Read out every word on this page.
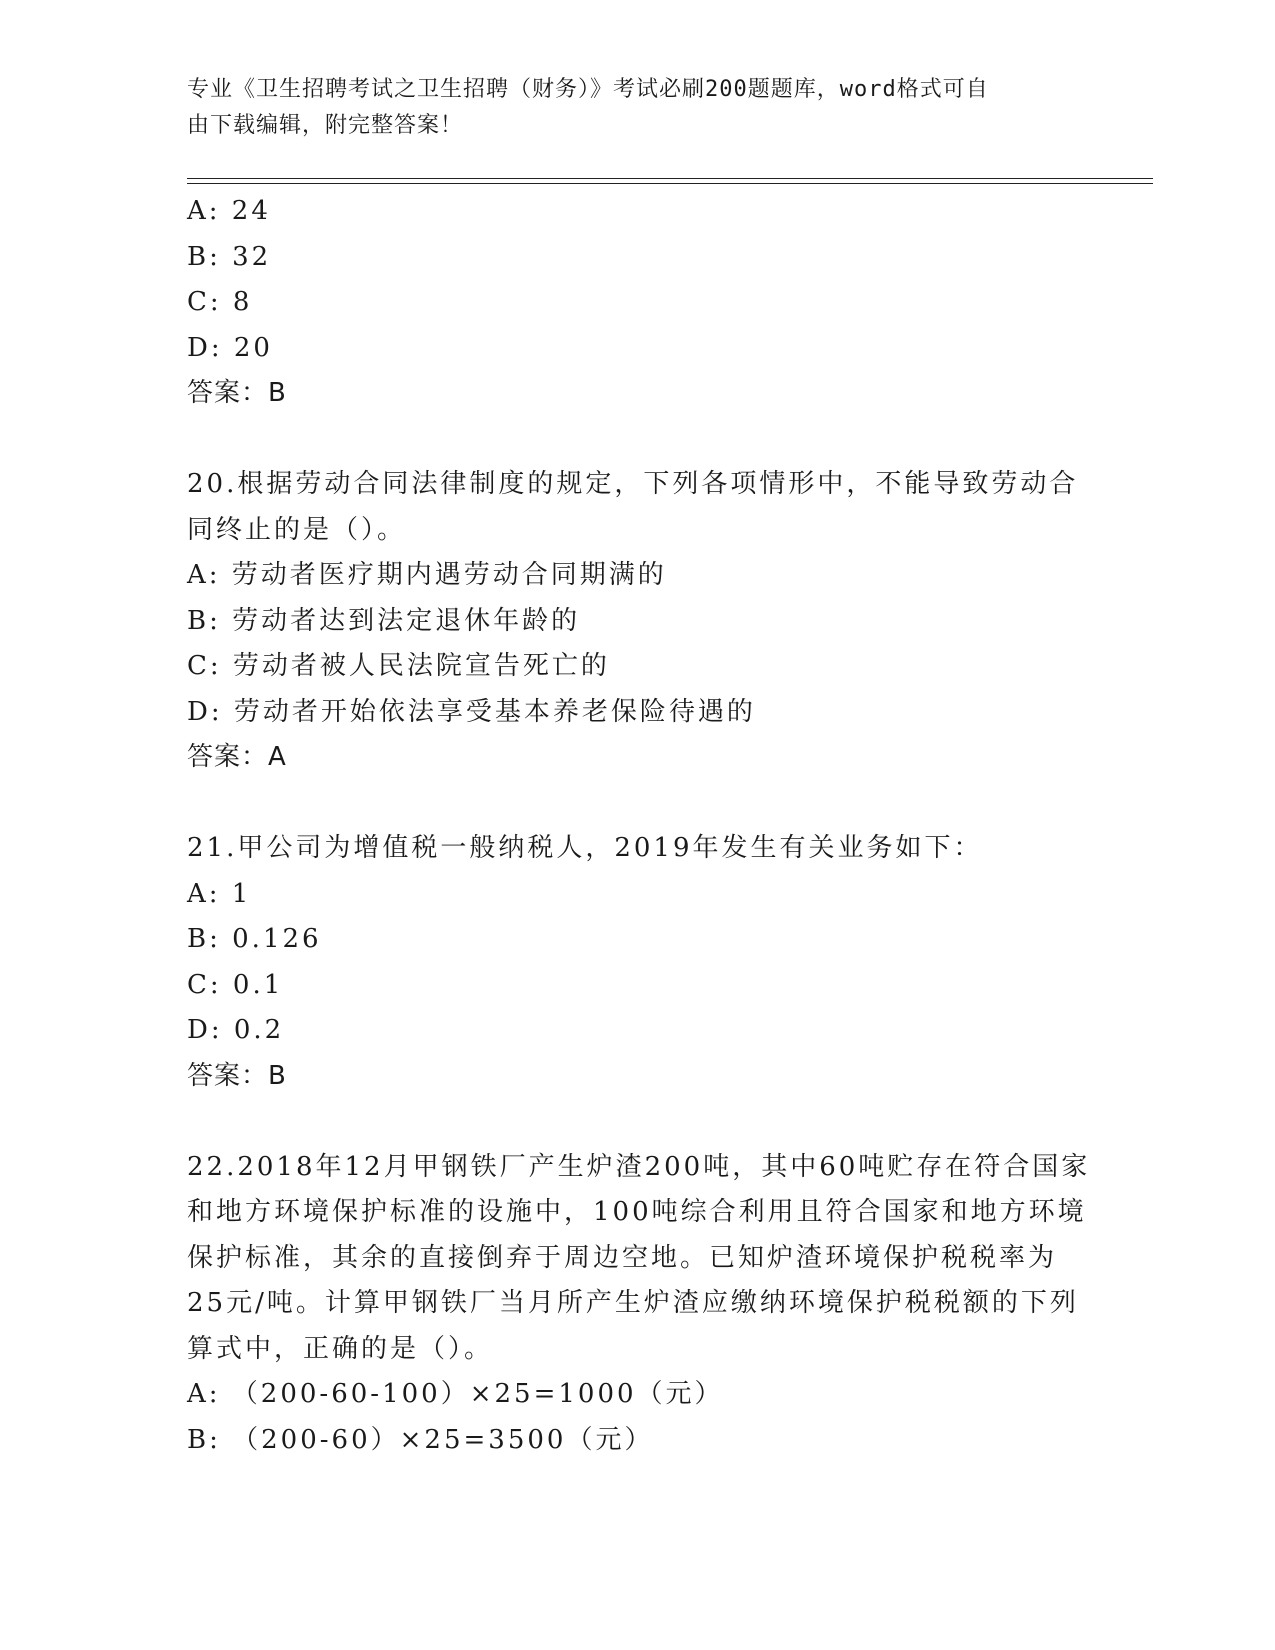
专业《卫生招聘考试之卫生招聘（财务）》考试必刷200题题库，word格式可自
由下载编辑，附完整答案！
A: 24
B: 32
C: 8
D: 20
答案：B
20.根据劳动合同法律制度的规定，下列各项情形中，不能导致劳动合
同终止的是（）。
A: 劳动者医疗期内遇劳动合同期满的
B: 劳动者达到法定退休年龄的
C: 劳动者被人民法院宣告死亡的
D: 劳动者开始依法享受基本养老保险待遇的
答案：A
21.甲公司为增值税一般纳税人，2019年发生有关业务如下：
A: 1
B: 0.126
C: 0.1
D: 0.2
答案：B
22.2018年12月甲钢铁厂产生炉渣200吨，其中60吨贮存在符合国家
和地方环境保护标准的设施中，100吨综合利用且符合国家和地方环境
保护标准，其余的直接倒弃于周边空地。已知炉渣环境保护税税率为
25元/吨。计算甲钢铁厂当月所产生炉渣应缴纳环境保护税税额的下列
算式中，正确的是（）。
A: （200-60-100）×25=1000（元）
B: （200-60）×25=3500（元）
